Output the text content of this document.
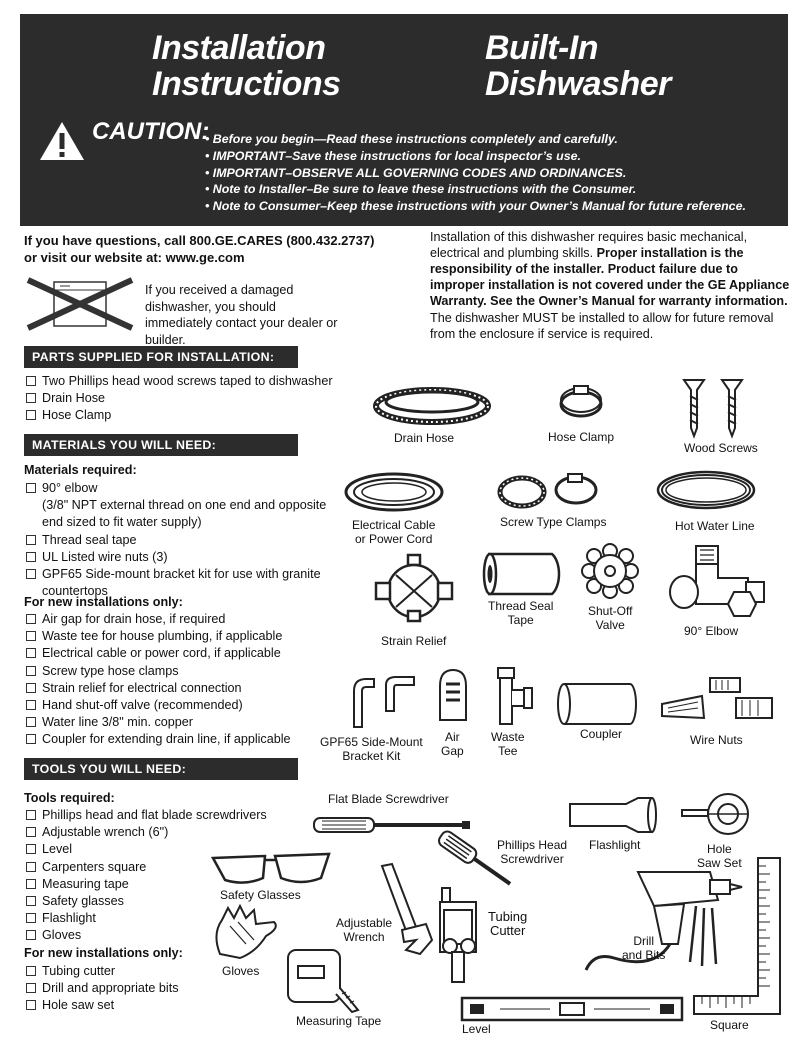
Installation
Instructions
Built-In
Dishwasher
CAUTION:
• Before you begin—Read these instructions completely and carefully.
• IMPORTANT–Save these instructions for local inspector’s use.
• IMPORTANT–OBSERVE ALL GOVERNING CODES AND ORDINANCES.
• Note to Installer–Be sure to leave these instructions with the Consumer.
• Note to Consumer–Keep these instructions with your Owner’s Manual for future reference.
If you have questions, call 800.GE.CARES (800.432.2737)
or visit our website at: www.ge.com
If you received a damaged dishwasher, you should immediately contact your dealer or builder.
Installation of this dishwasher requires basic mechanical, electrical and plumbing skills. Proper installation is the responsibility of the installer. Product failure due to improper installation is not covered under the GE Appliance Warranty. See the Owner’s Manual for warranty information.
The dishwasher MUST be installed to allow for future removal from the enclosure if service is required.
PARTS SUPPLIED FOR INSTALLATION:
Two Phillips head wood screws taped to dishwasher
Drain Hose
Hose Clamp
Drain Hose	Hose Clamp
Wood Screws
MATERIALS YOU WILL NEED:
Materials required:
90° elbow
(3/8" NPT external thread on one end and opposite
end sized to fit water supply)
Thread seal tape
UL Listed wire nuts (3)
GPF65 Side-mount bracket kit for use with granite
countertops
For new installations only:
Air gap for drain hose, if required
Waste tee for house plumbing, if applicable
Electrical cable or power cord, if applicable
Screw type hose clamps
Strain relief for electrical connection
Hand shut-off valve (recommended)
Water line 3/8" min. copper
Coupler for extending drain line, if applicable
Electrical Cable
or Power Cord
Screw Type Clamps	Hot Water Line
Strain Relief
Thread Seal
Tape
Shut-Off
Valve	90° Elbow
GPF65 Side-Mount
Bracket Kit
Air
Gap
Waste
Tee
Coupler	Wire Nuts
TOOLS YOU WILL NEED:
Tools required:
Phillips head and flat blade screwdrivers
Adjustable wrench (6")
Level
Carpenters square
Measuring tape
Safety glasses
Flashlight
Gloves
For new installations only:
Tubing cutter
Drill and appropriate bits
Hole saw set
Flat Blade Screwdriver
Phillips Head
Screwdriver
Flashlight	Hole
Saw Set
Safety Glasses
Adjustable
Wrench
Tubing
Cutter
Drill
and Bits
Gloves
Measuring Tape
Level	Square
